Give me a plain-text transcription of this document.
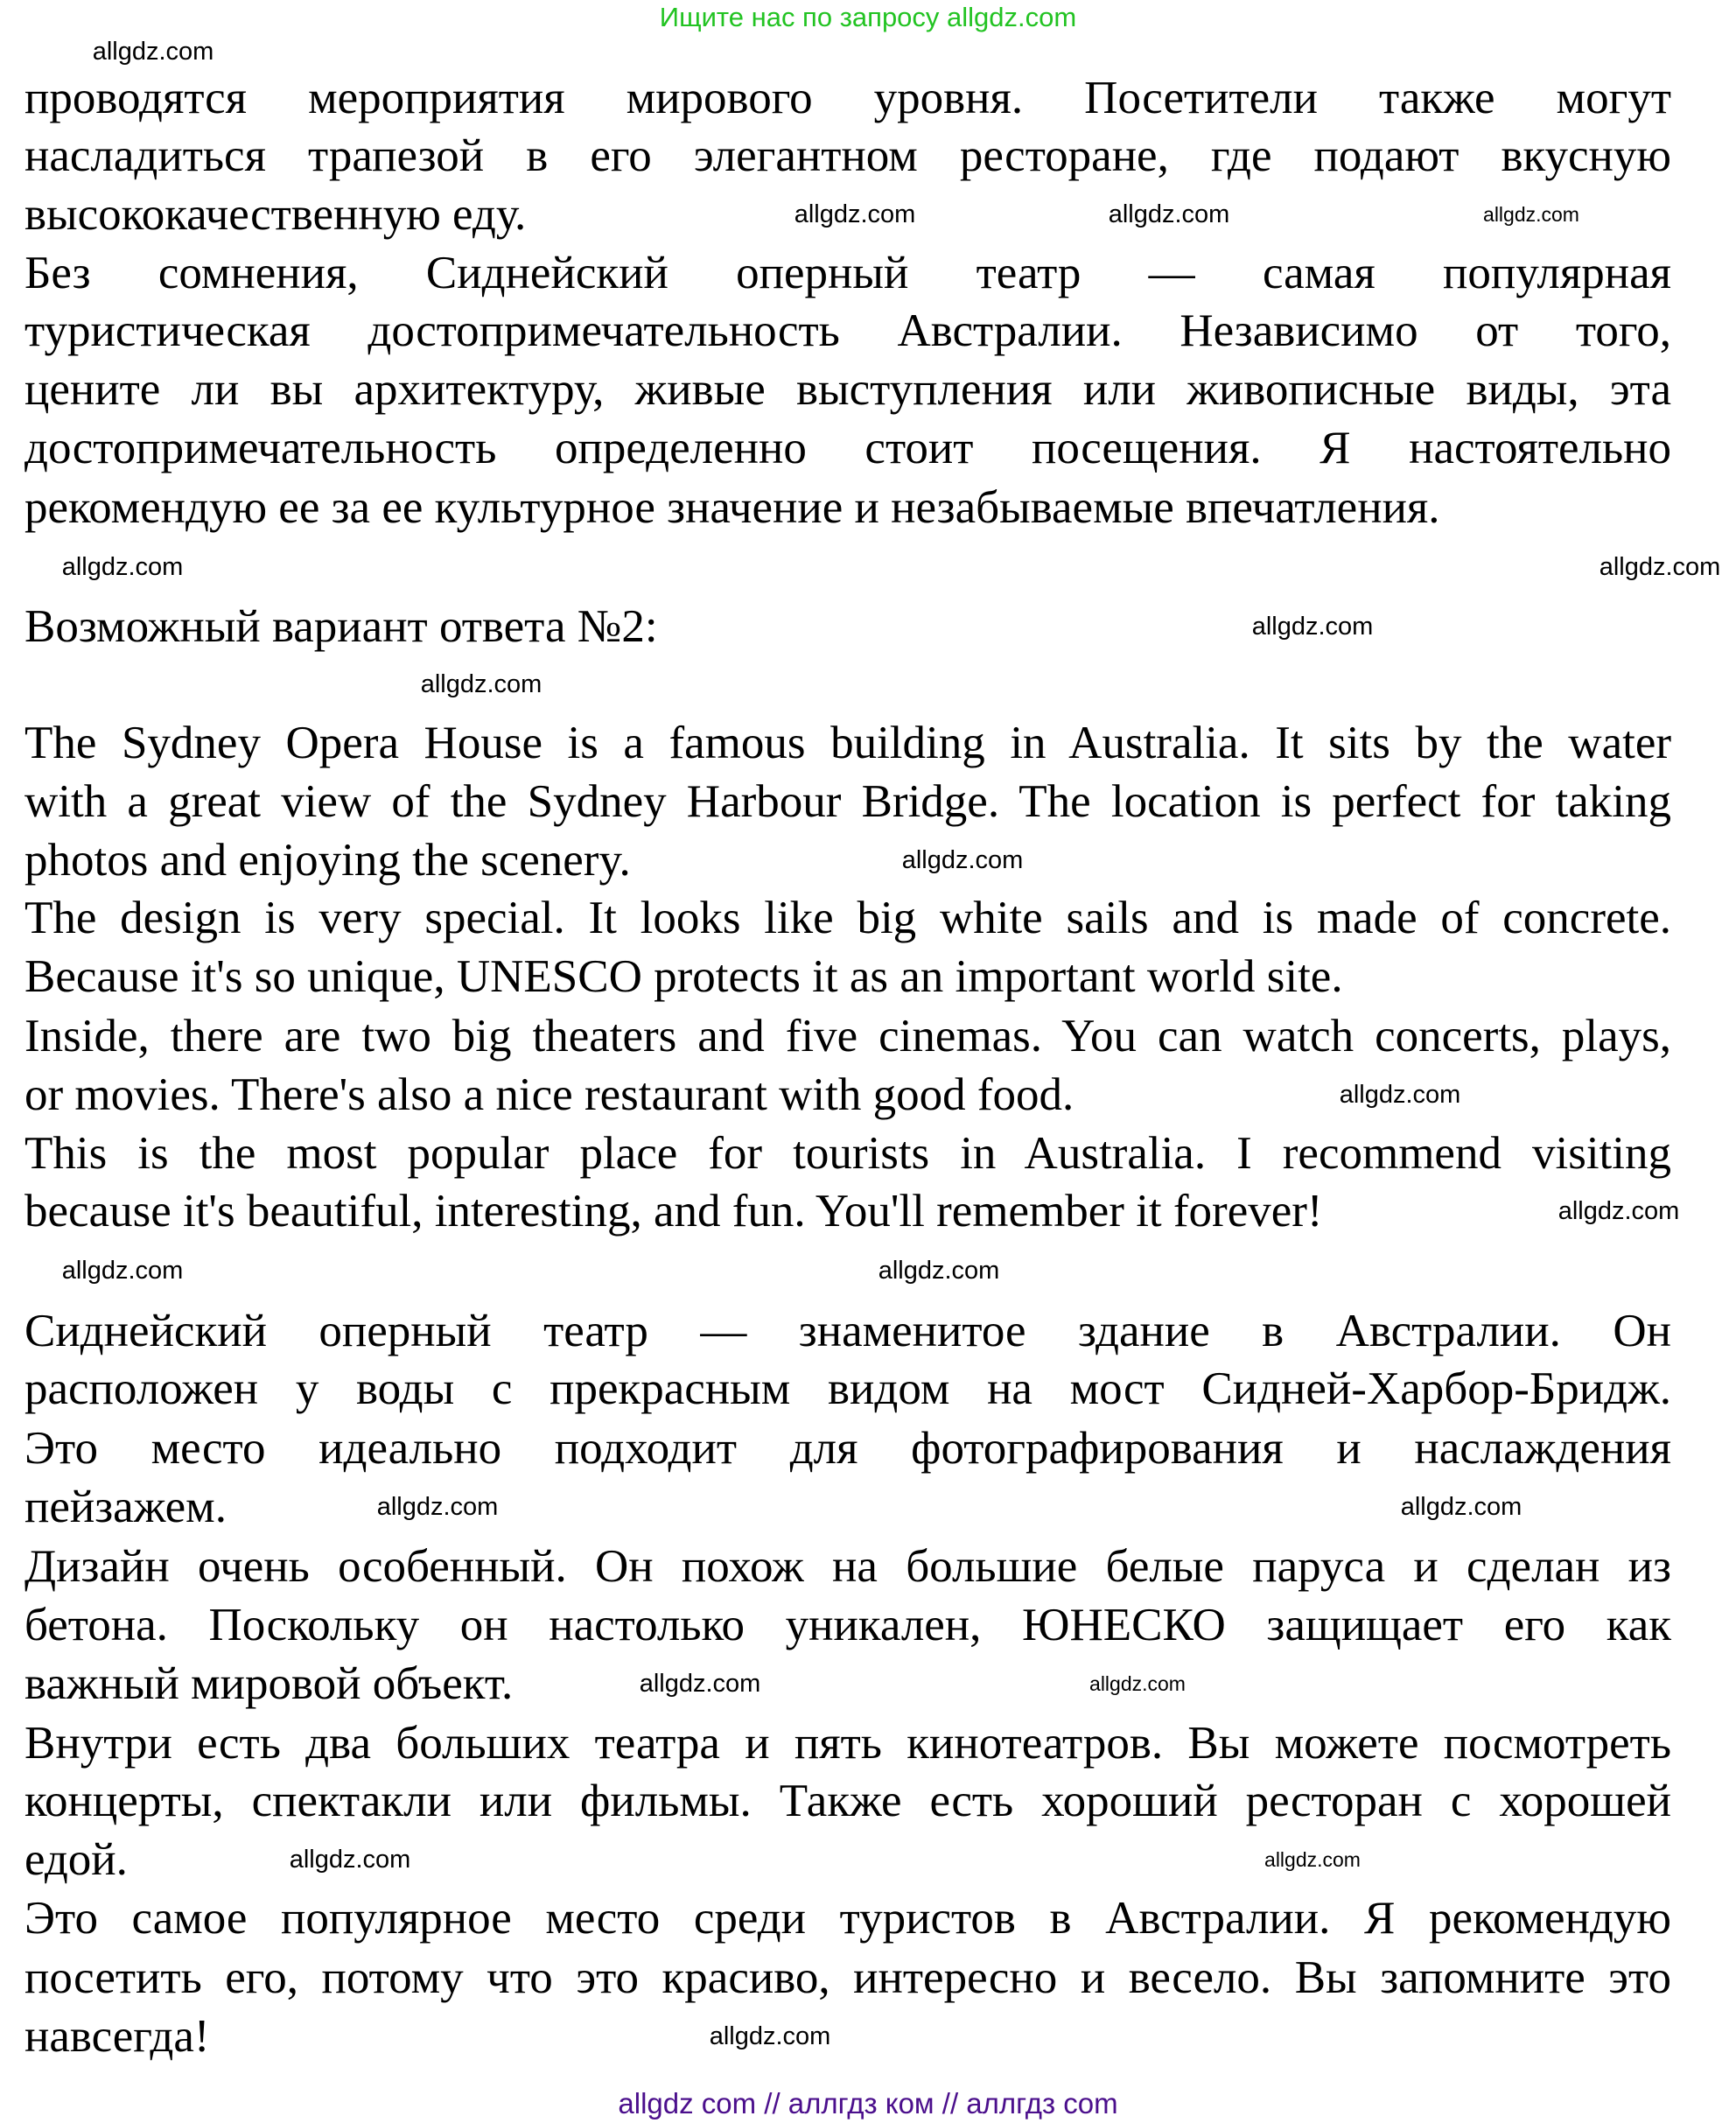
Ищите нас по запросу allgdz.com
проводятся мероприятия мирового уровня. Посетители также могут
насладиться трапезой в его элегантном ресторане, где подают вкусную
высококачественную еду.
Без сомнения, Сиднейский оперный театр — самая популярная
туристическая достопримечательность Австралии. Независимо от того,
цените ли вы архитектуру, живые выступления или живописные виды, эта
достопримечательность определенно стоит посещения. Я настоятельно
рекомендую ее за ее культурное значение и незабываемые впечатления.
Возможный вариант ответа №2:
The Sydney Opera House is a famous building in Australia. It sits by the water
with a great view of the Sydney Harbour Bridge. The location is perfect for taking
photos and enjoying the scenery.
The design is very special. It looks like big white sails and is made of concrete.
Because it's so unique, UNESCO protects it as an important world site.
Inside, there are two big theaters and five cinemas. You can watch concerts, plays,
or movies. There's also a nice restaurant with good food.
This is the most popular place for tourists in Australia. I recommend visiting
because it's beautiful, interesting, and fun. You'll remember it forever!
Сиднейский оперный театр — знаменитое здание в Австралии. Он
расположен у воды с прекрасным видом на мост Сидней-Харбор-Бридж.
Это место идеально подходит для фотографирования и наслаждения
пейзажем.
Дизайн очень особенный. Он похож на большие белые паруса и сделан из
бетона. Поскольку он настолько уникален, ЮНЕСКО защищает его как
важный мировой объект.
Внутри есть два больших театра и пять кинотеатров. Вы можете посмотреть
концерты, спектакли или фильмы. Также есть хороший ресторан с хорошей
едой.
Это самое популярное место среди туристов в Австралии. Я рекомендую
посетить его, потому что это красиво, интересно и весело. Вы запомните это
навсегда!
allgdz.com
allgdz.com
allgdz.com	allgdz.com
allgdz.com
allgdz.com
allgdz.com
allgdz.com
allgdz.com
allgdz.com
allgdz.com
allgdz.com	allgdz.com
allgdz.com
allgdz.com
allgdz.com	allgdz.com
allgdz.com	allgdz.com
allgdz.com
allgdz com // аллгдз ком // аллгдз com
